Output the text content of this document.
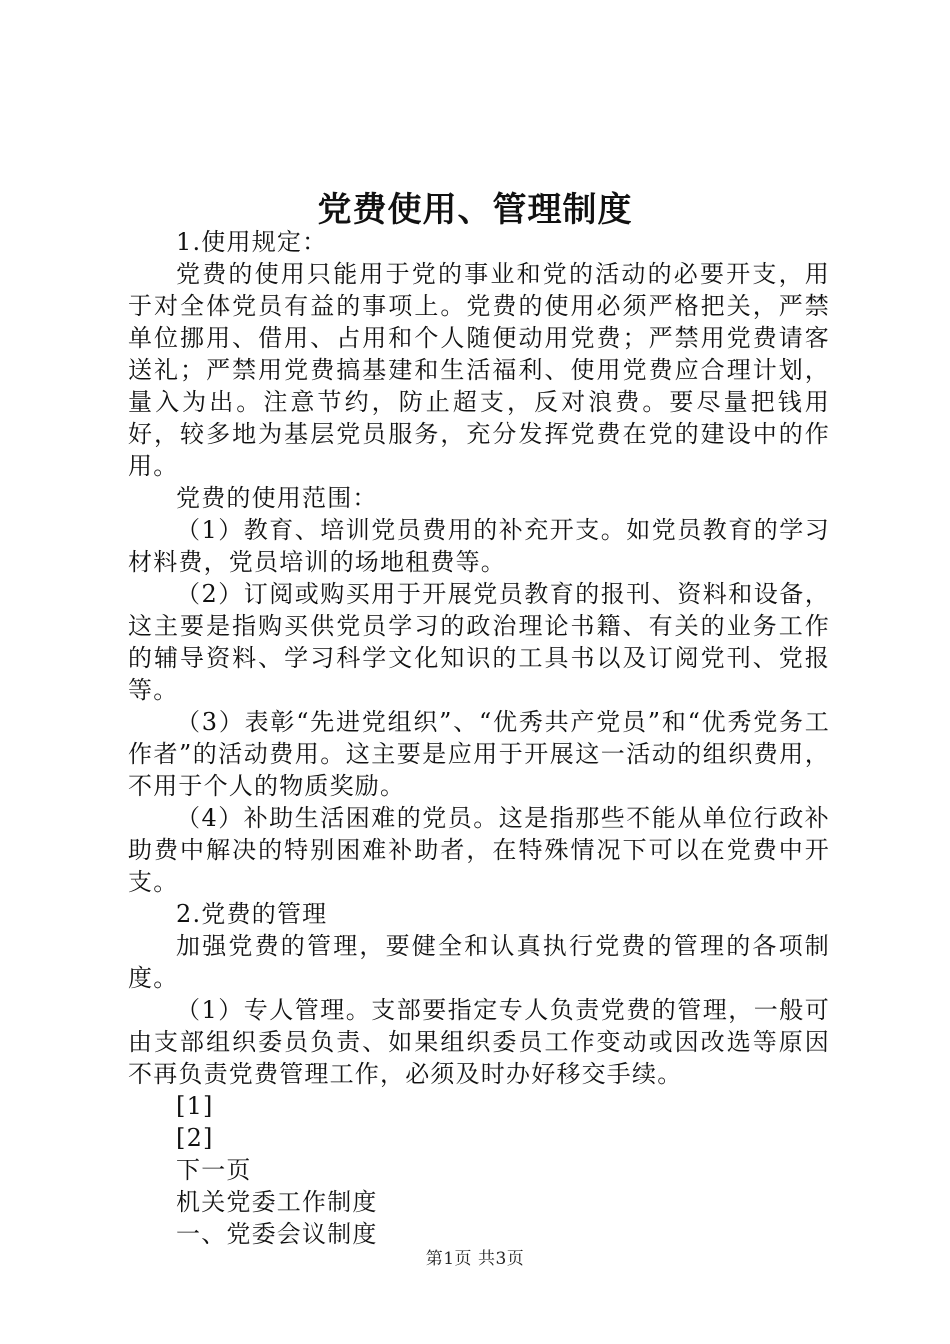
党费使用、管理制度

1.使用规定：

党费的使用只能用于党的事业和党的活动的必要开支，用于对全体党员有益的事项上。党费的使用必须严格把关，严禁单位挪用、借用、占用和个人随便动用党费；严禁用党费请客送礼；严禁用党费搞基建和生活福利、使用党费应合理计划，量入为出。注意节约，防止超支，反对浪费。要尽量把钱用好，较多地为基层党员服务，充分发挥党费在党的建设中的作用。

党费的使用范围：

（1）教育、培训党员费用的补充开支。如党员教育的学习材料费，党员培训的场地租费等。

（2）订阅或购买用于开展党员教育的报刊、资料和设备，这主要是指购买供党员学习的政治理论书籍、有关的业务工作的辅导资料、学习科学文化知识的工具书以及订阅党刊、党报等。

（3）表彰“先进党组织”、“优秀共产党员”和“优秀党务工作者”的活动费用。这主要是应用于开展这一活动的组织费用，不用于个人的物质奖励。

（4）补助生活困难的党员。这是指那些不能从单位行政补助费中解决的特别困难补助者，在特殊情况下可以在党费中开支。

2.党费的管理

加强党费的管理，要健全和认真执行党费的管理的各项制度。

（1）专人管理。支部要指定专人负责党费的管理，一般可由支部组织委员负责、如果组织委员工作变动或因改选等原因不再负责党费管理工作，必须及时办好移交手续。

[1]

[2]

下一页

机关党委工作制度

一、党委会议制度

第1页 共3页
